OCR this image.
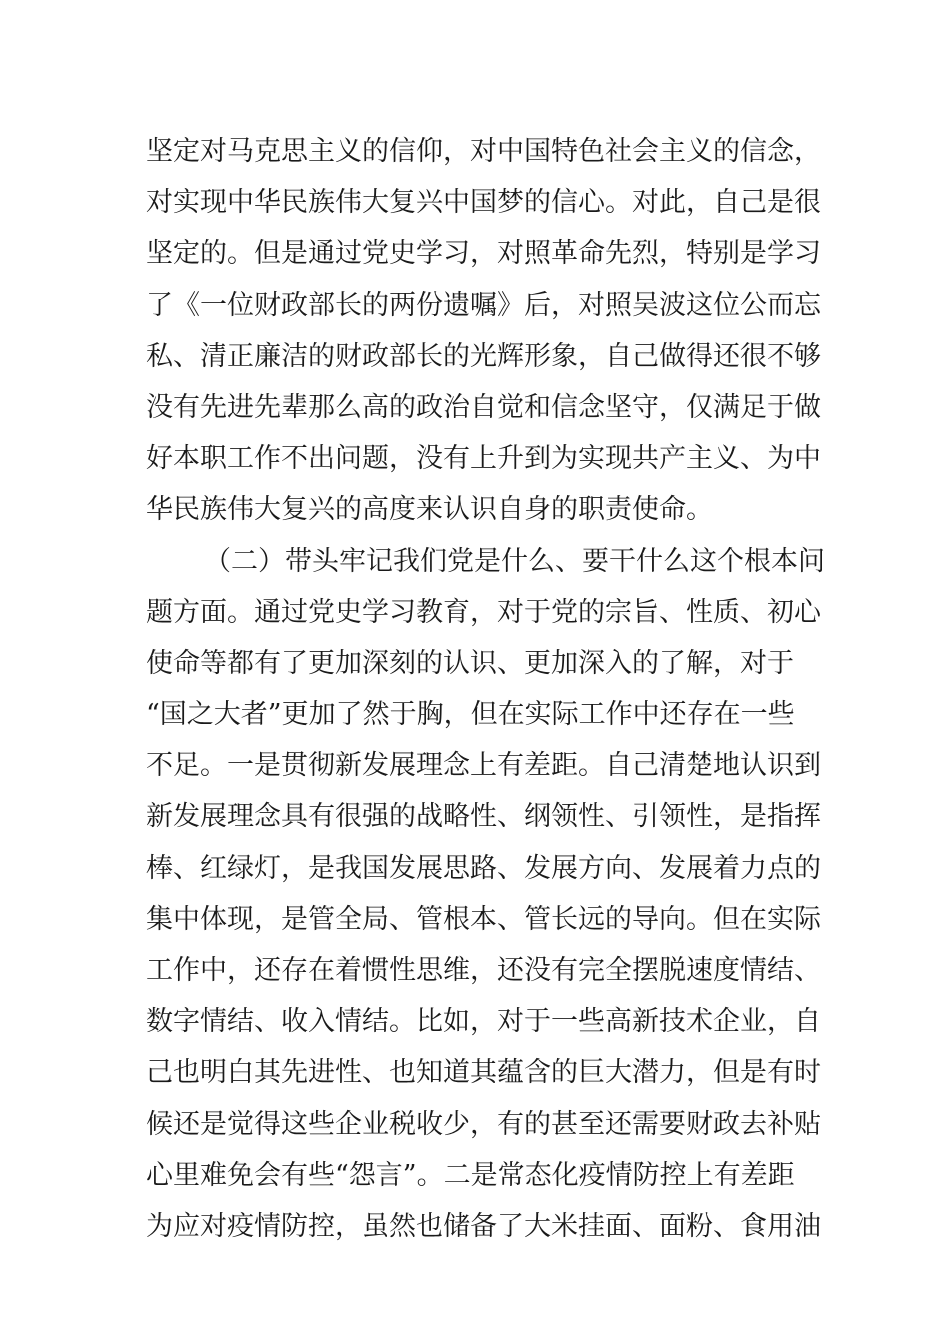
坚定对马克思主义的信仰，对中国特色社会主义的信念，
对实现中华民族伟大复兴中国梦的信心。对此，自己是很
坚定的。但是通过党史学习，对照革命先烈，特别是学习
了《一位财政部长的两份遗嘱》后，对照吴波这位公而忘
私、清正廉洁的财政部长的光辉形象，自己做得还很不够
没有先进先辈那么高的政治自觉和信念坚守，仅满足于做
好本职工作不出问题，没有上升到为实现共产主义、为中
华民族伟大复兴的高度来认识自身的职责使命。
（二）带头牢记我们党是什么、要干什么这个根本问
题方面。通过党史学习教育，对于党的宗旨、性质、初心
使命等都有了更加深刻的认识、更加深入的了解，对于
“国之大者”更加了然于胸，但在实际工作中还存在一些
不足。一是贯彻新发展理念上有差距。自己清楚地认识到
新发展理念具有很强的战略性、纲领性、引领性，是指挥
棒、红绿灯，是我国发展思路、发展方向、发展着力点的
集中体现，是管全局、管根本、管长远的导向。但在实际
工作中，还存在着惯性思维，还没有完全摆脱速度情结、
数字情结、收入情结。比如，对于一些高新技术企业，自
己也明白其先进性、也知道其蕴含的巨大潜力，但是有时
候还是觉得这些企业税收少，有的甚至还需要财政去补贴
心里难免会有些“怨言”。二是常态化疫情防控上有差距
为应对疫情防控，虽然也储备了大米挂面、面粉、食用油
